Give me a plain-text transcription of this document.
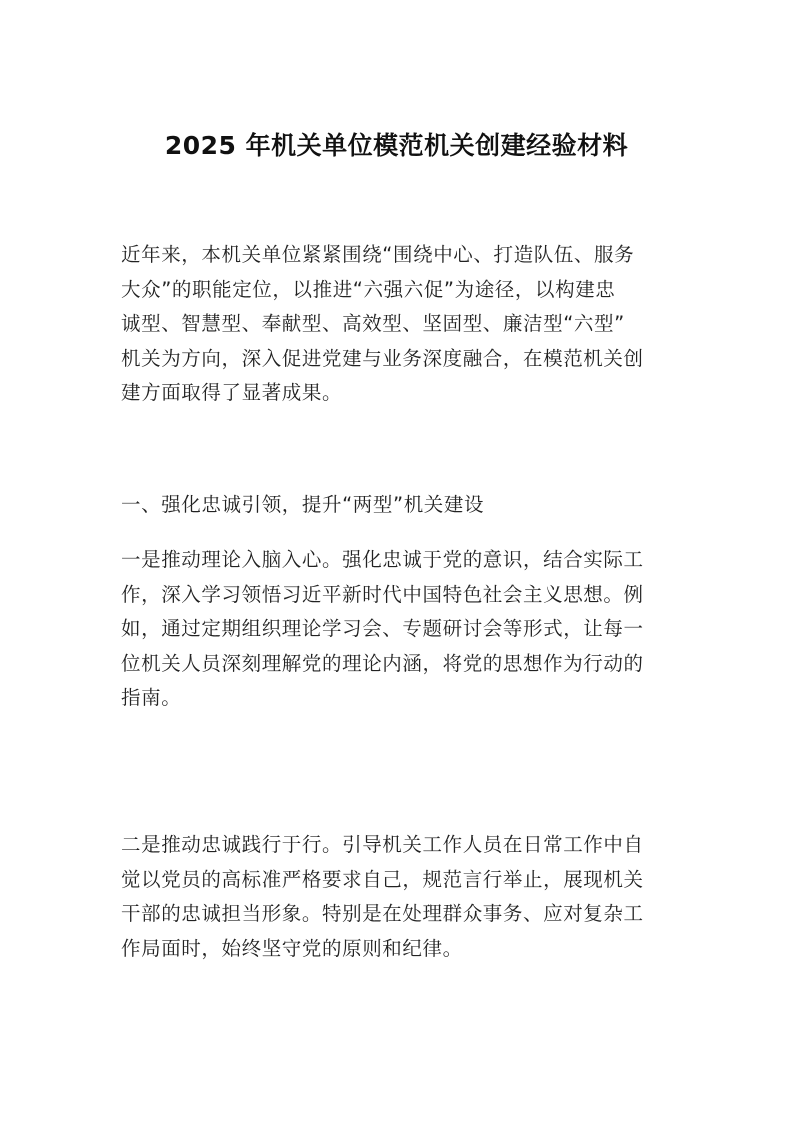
2025 年机关单位模范机关创建经验材料
近年来，本机关单位紧紧围绕“围绕中心、打造队伍、服务
大众”的职能定位，以推进“六强六促”为途径，以构建忠
诚型、智慧型、奉献型、高效型、坚固型、廉洁型“六型”
机关为方向，深入促进党建与业务深度融合，在模范机关创
建方面取得了显著成果。
一、强化忠诚引领，提升“两型”机关建设
一是推动理论入脑入心。强化忠诚于党的意识，结合实际工
作，深入学习领悟习近平新时代中国特色社会主义思想。例
如，通过定期组织理论学习会、专题研讨会等形式，让每一
位机关人员深刻理解党的理论内涵，将党的思想作为行动的
指南。
二是推动忠诚践行于行。引导机关工作人员在日常工作中自
觉以党员的高标准严格要求自己，规范言行举止，展现机关
干部的忠诚担当形象。特别是在处理群众事务、应对复杂工
作局面时，始终坚守党的原则和纪律。
